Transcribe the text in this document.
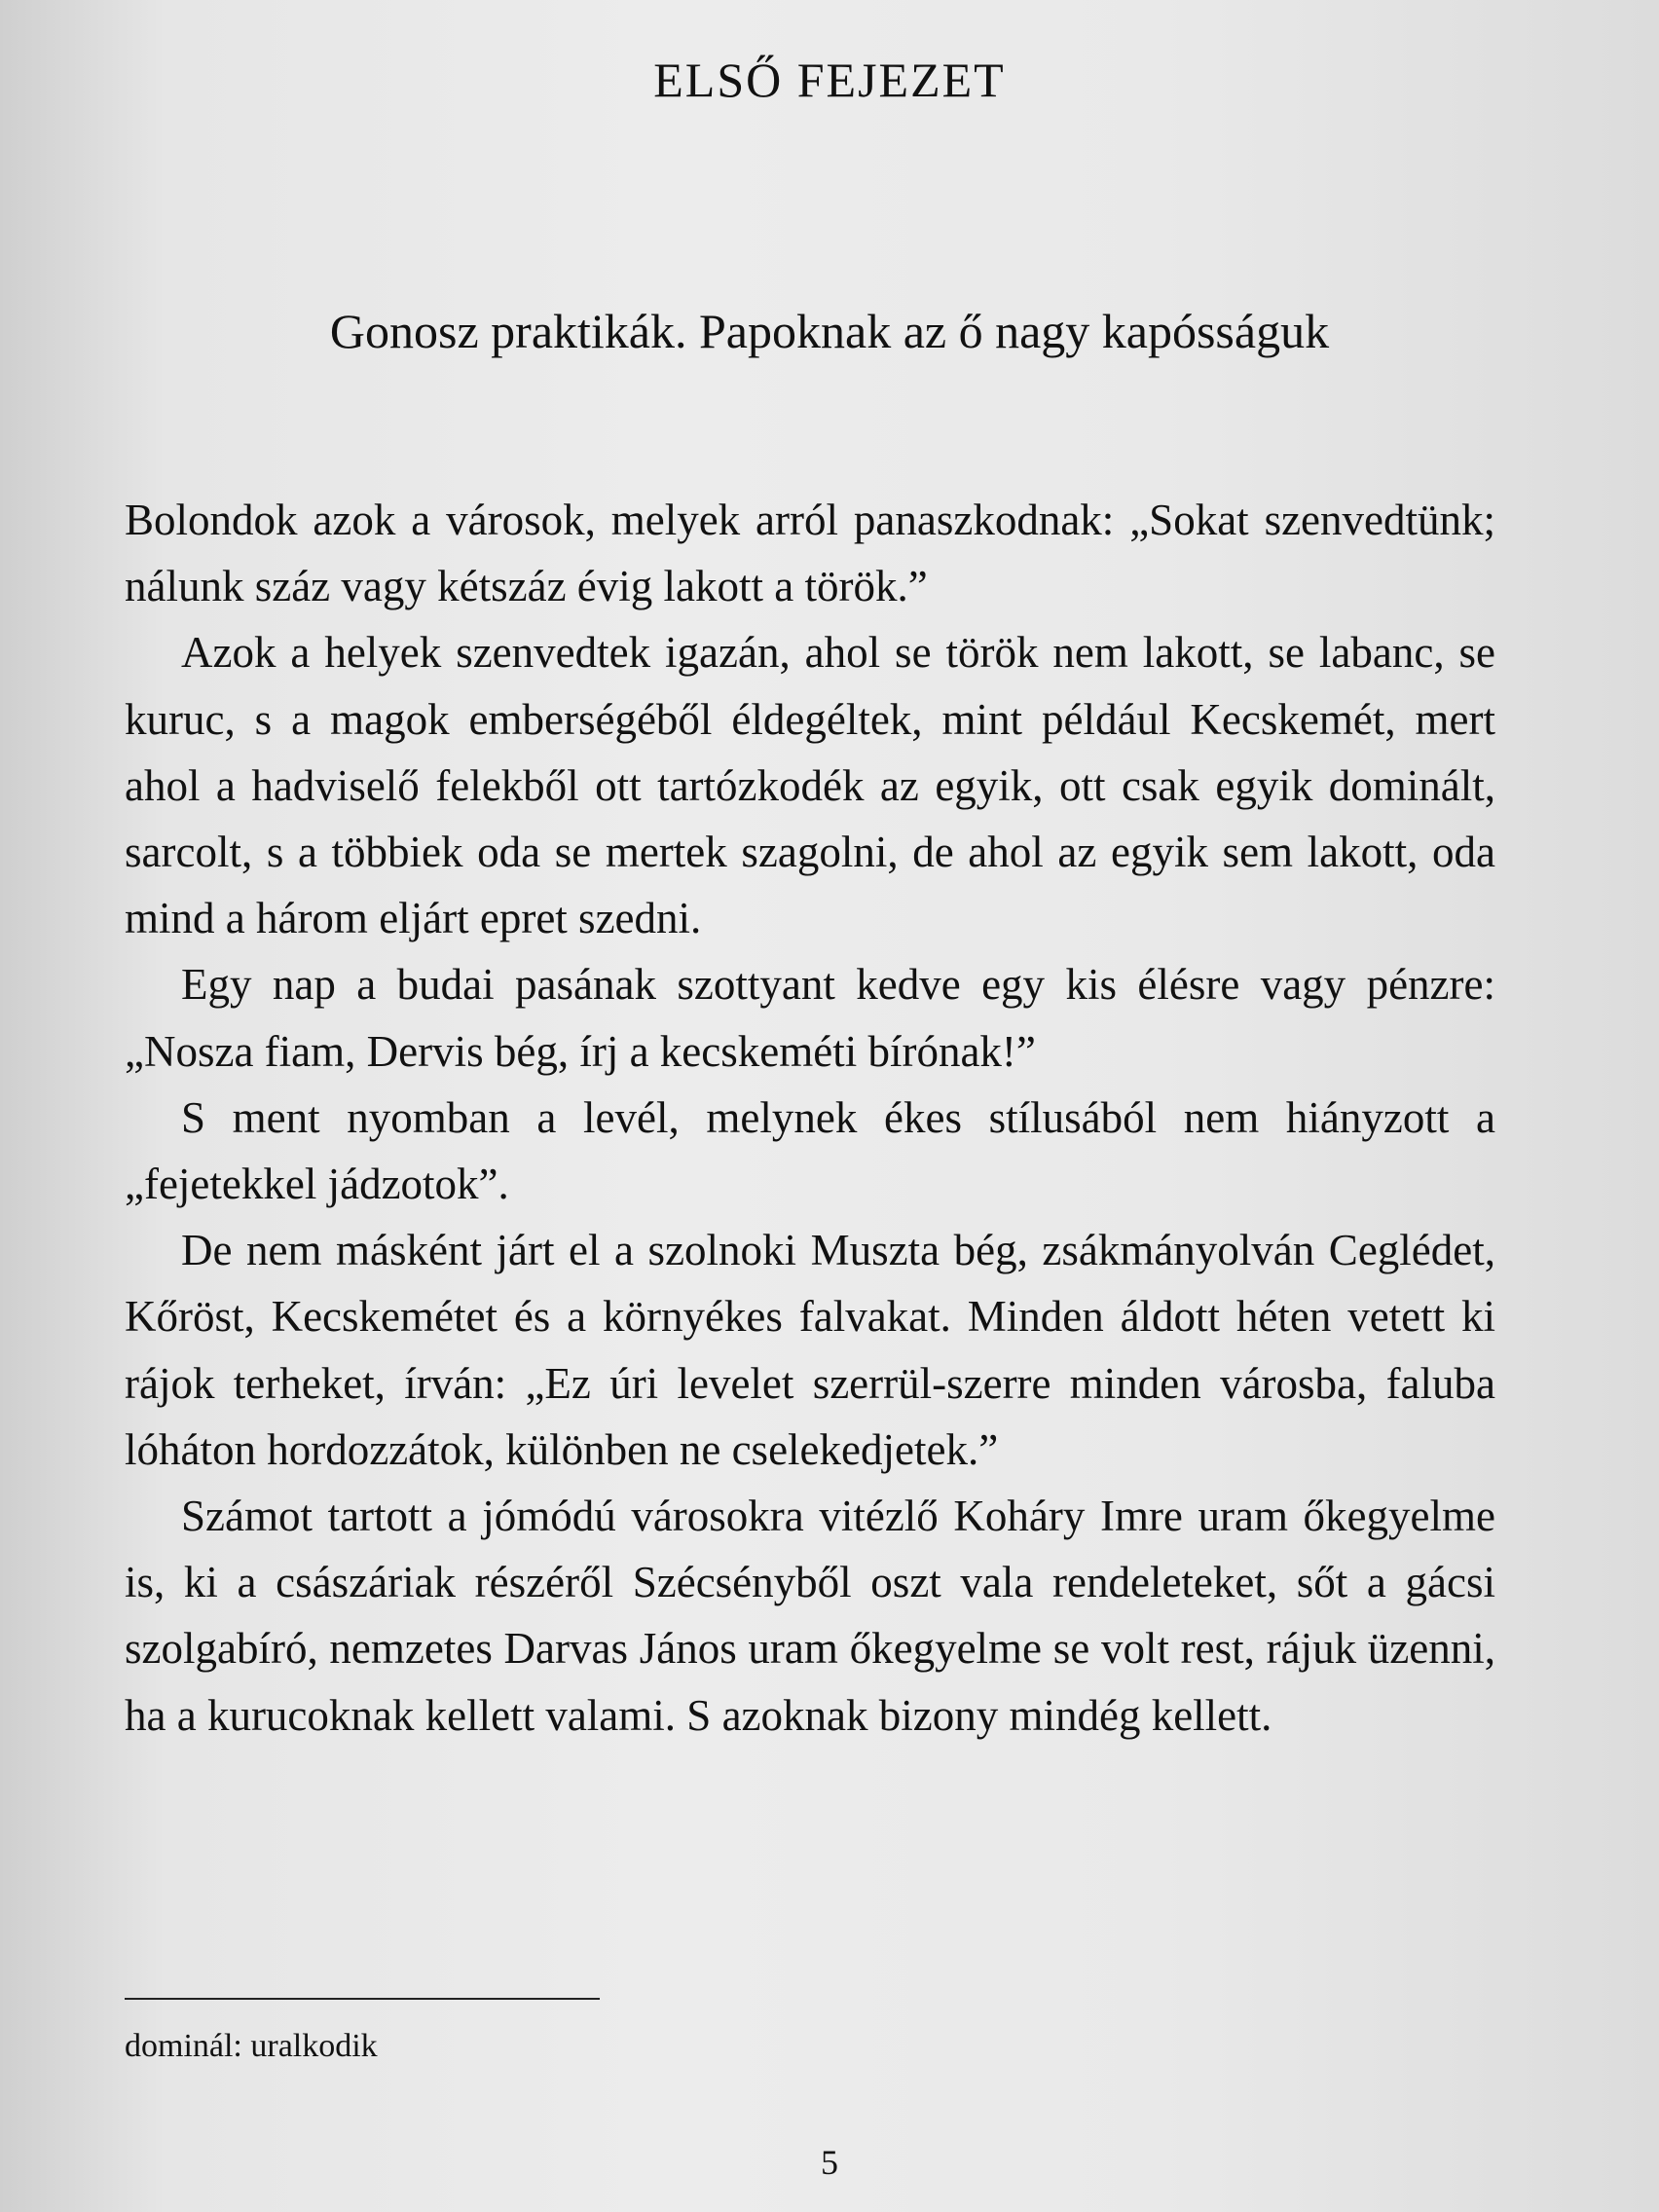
ELSŐ FEJEZET
Gonosz praktikák. Papoknak az ő nagy kapósságuk

Bolondok azok a városok, melyek arról panaszkodnak: „Sokat szenvedtünk; nálunk száz vagy kétszáz évig lakott a török.”

Azok a helyek szenvedtek igazán, ahol se török nem lakott, se labanc, se kuruc, s a magok emberségéből éldegéltek, mint például Kecskemét, mert ahol a hadviselő felekből ott tartózkodék az egyik, ott csak egyik dominált, sarcolt, s a többiek oda se mertek szagolni, de ahol az egyik sem lakott, oda mind a három eljárt epret szedni.

Egy nap a budai pasának szottyant kedve egy kis élésre vagy pénzre: „Nosza fiam, Dervis bég, írj a kecskeméti bírónak!”

S ment nyomban a levél, melynek ékes stílusából nem hiányzott a „fejetekkel jádzotok”.

De nem másként járt el a szolnoki Muszta bég, zsákmányolván Ceglédet, Kőröst, Kecskemétet és a környékes falvakat. Minden áldott héten vetett ki rájok terheket, írván: „Ez úri levelet szerrül-szerre minden városba, faluba lóháton hordozzátok, különben ne cselekedjetek.”

Számot tartott a jómódú városokra vitézlő Koháry Imre uram őkegyelme is, ki a császáriak részéről Szécsényből oszt vala rendeleteket, sőt a gácsi szolgabíró, nemzetes Darvas János uram őkegyelme se volt rest, rájuk üzenni, ha a kurucoknak kellett valami. S azoknak bizony mindég kellett.

dominál: uralkodik
5
